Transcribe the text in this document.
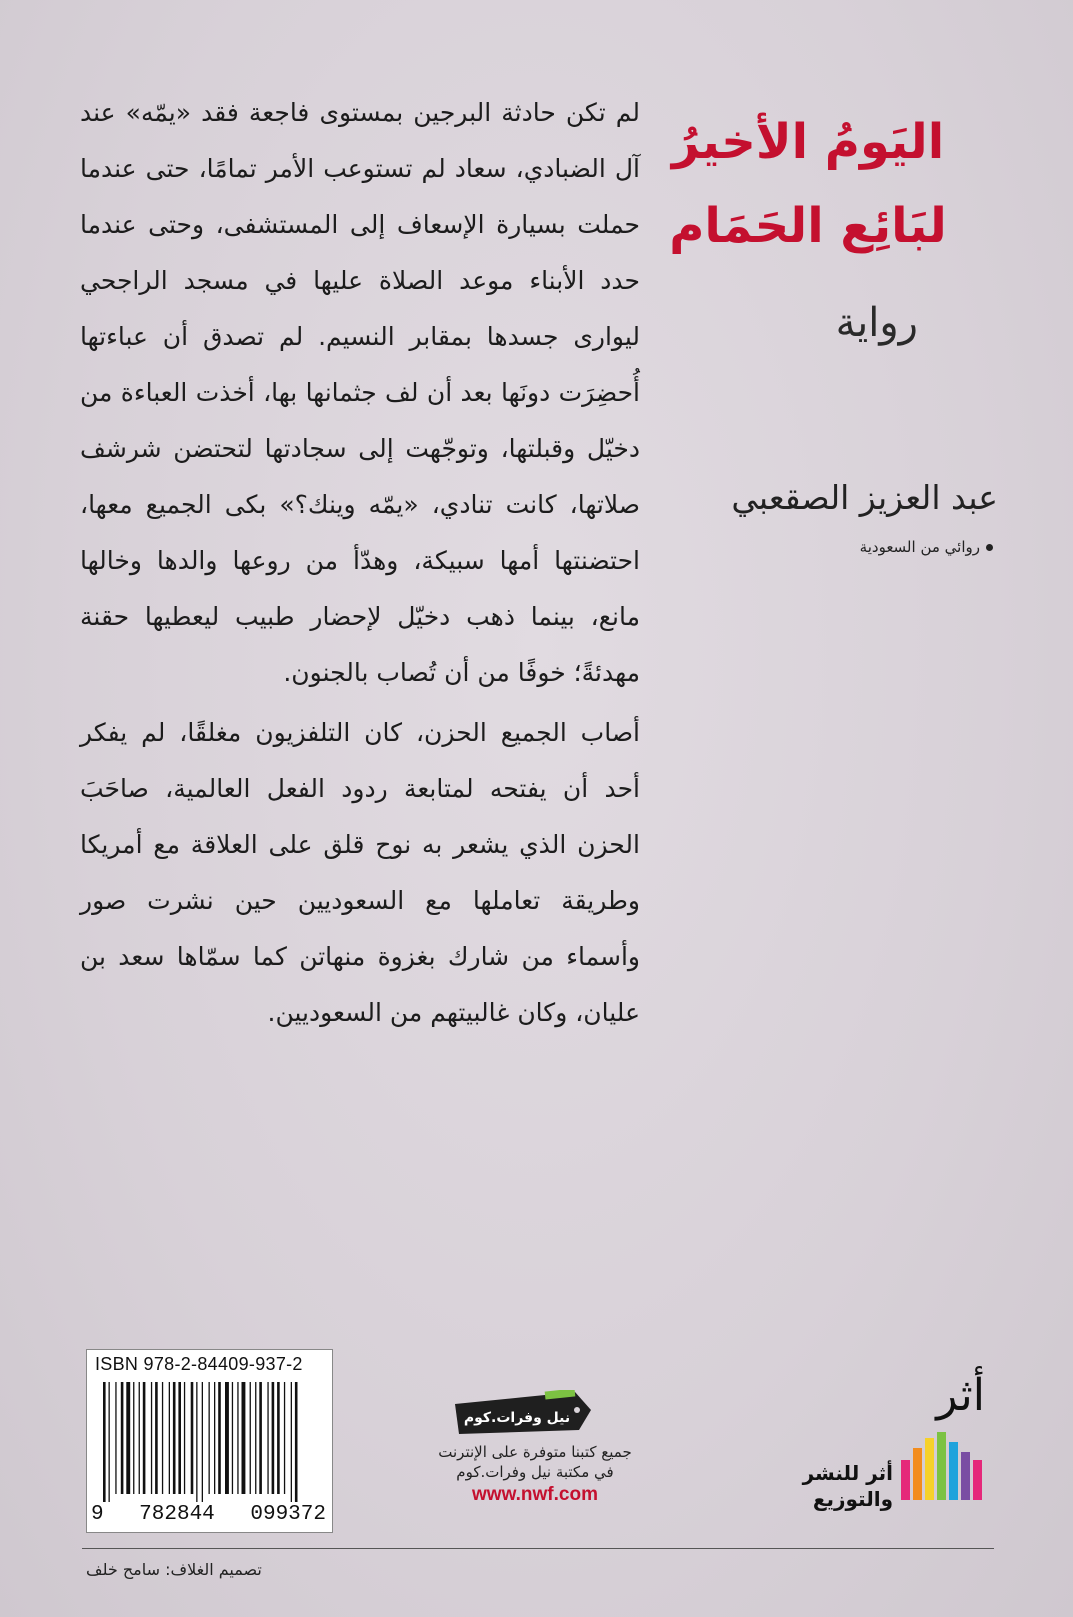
اليَومُ الأخيرُ
لبَائِع الحَمَام
رواية
عبد العزيز الصقعبي
روائي من السعودية

لم تكن حادثة البرجين بمستوى فاجعة فقد «يمّه» عند آل الضبادي، سعاد لم تستوعب الأمر تمامًا، حتى عندما حملت بسيارة الإسعاف إلى المستشفى، وحتى عندما حدد الأبناء موعد الصلاة عليها في مسجد الراجحي ليوارى جسدها بمقابر النسيم. لم تصدق أن عباءتها أُحضِرَت دونَها بعد أن لف جثمانها بها، أخذت العباءة من دخيّل وقبلتها، وتوجّهت إلى سجادتها لتحتضن شرشف صلاتها، كانت تنادي، «يمّه وينك؟» بكى الجميع معها، احتضنتها أمها سبيكة، وهدّأ من روعها والدها وخالها مانع، بينما ذهب دخيّل لإحضار طبيب ليعطيها حقنة مهدئةً؛ خوفًا من أن تُصاب بالجنون.

أصاب الجميع الحزن، كان التلفزيون مغلقًا، لم يفكر أحد أن يفتحه لمتابعة ردود الفعل العالمية، صاحَبَ الحزن الذي يشعر به نوح قلق على العلاقة مع أمريكا وطريقة تعاملها مع السعوديين حين نشرت صور وأسماء من شارك بغزوة منهاتن كما سمّاها سعد بن عليان، وكان غالبيتهم من السعوديين.

ISBN 978-2-84409-937-2
9 782844 099372
نيل وفرات.كوم
جميع كتبنا متوفرة على الإنترنت
في مكتبة نيل وفرات.كوم
www.nwf.com
أثر
أثر للنشر
والتوزيع
تصميم الغلاف: سامح خلف
